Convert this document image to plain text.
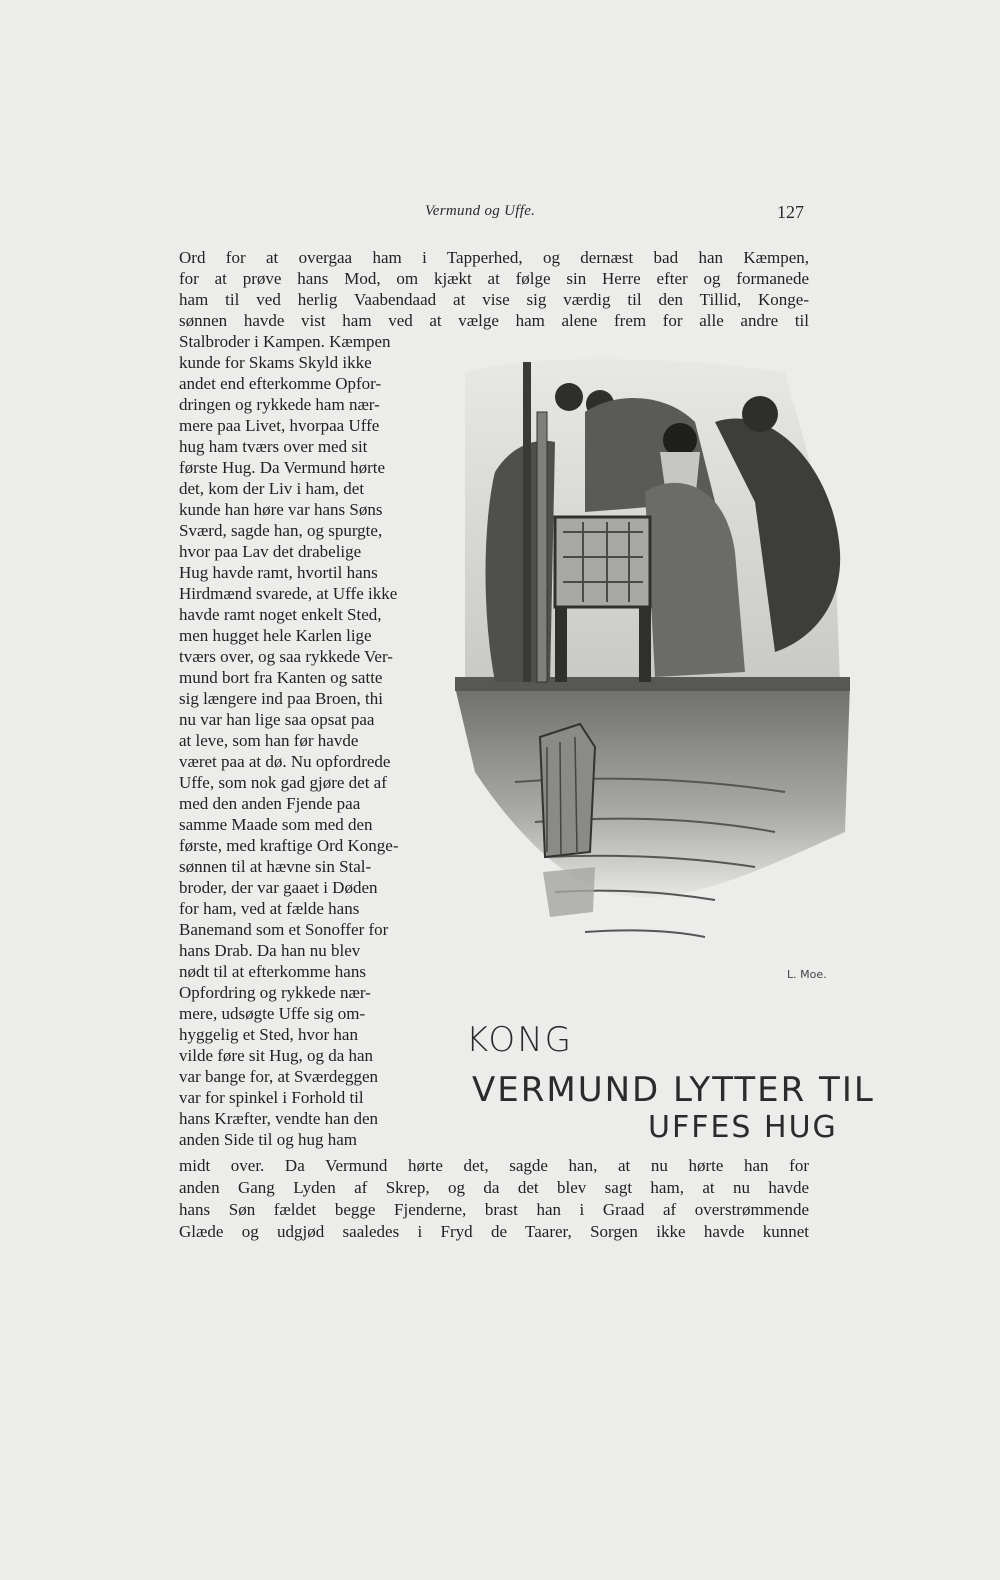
Vermund og Uffe.	127
Ord for at overgaa ham i Tapperhed, og dernæst bad han Kæmpen,
for at prøve hans Mod, om kjækt at følge sin Herre efter og formanede
ham til ved herlig Vaabendaad at vise sig værdig til den Tillid, Konge-
sønnen havde vist ham ved at vælge ham alene frem for alle andre til
Stalbroder i Kampen. Kæmpen
kunde for Skams Skyld ikke
andet end efterkomme Opfor-
dringen og rykkede ham nær-
mere paa Livet, hvorpaa Uffe
hug ham tværs over med sit
første Hug. Da Vermund hørte
det, kom der Liv i ham, det
kunde han høre var hans Søns
Sværd, sagde han, og spurgte,
hvor paa Lav det drabelige
Hug havde ramt, hvortil hans
Hirdmænd svarede, at Uffe ikke
havde ramt noget enkelt Sted,
men hugget hele Karlen lige
tværs over, og saa rykkede Ver-
mund bort fra Kanten og satte
sig længere ind paa Broen, thi
nu var han lige saa opsat paa
at leve, som han før havde
været paa at dø. Nu opfordrede
Uffe, som nok gad gjøre det af
med den anden Fjende paa
samme Maade som med den
første, med kraftige Ord Konge-
sønnen til at hævne sin Stal-
broder, der var gaaet i Døden
for ham, ved at fælde hans
Banemand som et Sonoffer for
hans Drab. Da han nu blev
nødt til at efterkomme hans
Opfordring og rykkede nær-
mere, udsøgte Uffe sig om-
hyggelig et Sted, hvor han
vilde føre sit Hug, og da han
var bange for, at Sværdeggen
var for spinkel i Forhold til
hans Kræfter, vendte han den
anden Side til og hug ham
midt over. Da Vermund hørte det, sagde han, at nu hørte han for
anden Gang Lyden af Skrep, og da det blev sagt ham, at nu havde
hans Søn fældet begge Fjenderne, brast han i Graad af overstrømmende
Glæde og udgjød saaledes i Fryd de Taarer, Sorgen ikke havde kunnet
KONG
VERMUND LYTTER TIL
UFFES HUG
L. Moe.
